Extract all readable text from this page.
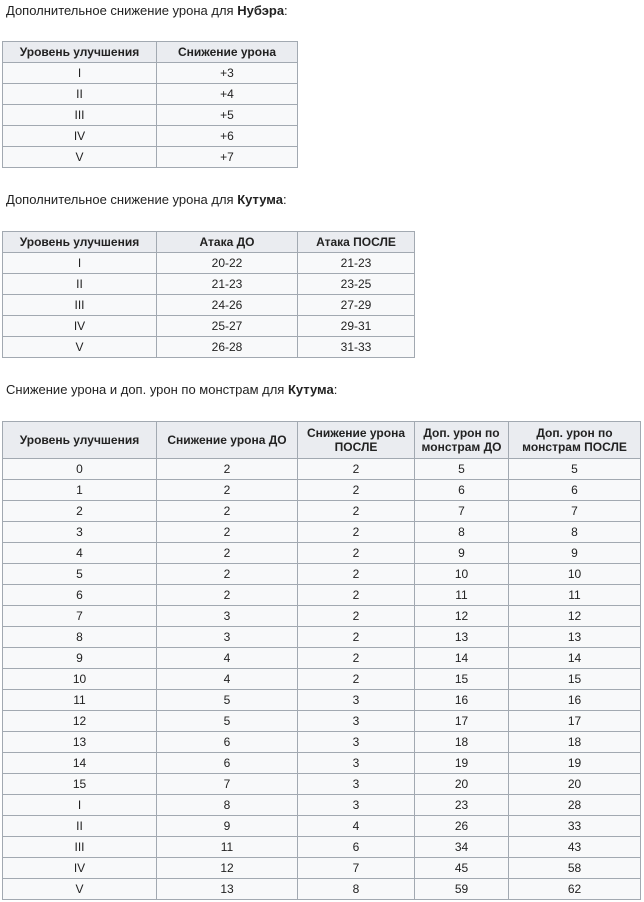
Дополнительное снижение урона для Нубэра:

Уровень улучшения	Снижение урона
I	+3
II	+4
III	+5
IV	+6
V	+7

Дополнительное снижение урона для Кутума:

Уровень улучшения	Атака ДО	Атака ПОСЛЕ
I	20-22	21-23
II	21-23	23-25
III	24-26	27-29
IV	25-27	29-31
V	26-28	31-33

Снижение урона и доп. урон по монстрам для Кутума:

Уровень улучшения	Снижение урона ДО	Снижение урона ПОСЛЕ	Доп. урон по монстрам ДО	Доп. урон по монстрам ПОСЛЕ
0	2	2	5	5
1	2	2	6	6
2	2	2	7	7
3	2	2	8	8
4	2	2	9	9
5	2	2	10	10
6	2	2	11	11
7	3	2	12	12
8	3	2	13	13
9	4	2	14	14
10	4	2	15	15
11	5	3	16	16
12	5	3	17	17
13	6	3	18	18
14	6	3	19	19
15	7	3	20	20
I	8	3	23	28
II	9	4	26	33
III	11	6	34	43
IV	12	7	45	58
V	13	8	59	62
